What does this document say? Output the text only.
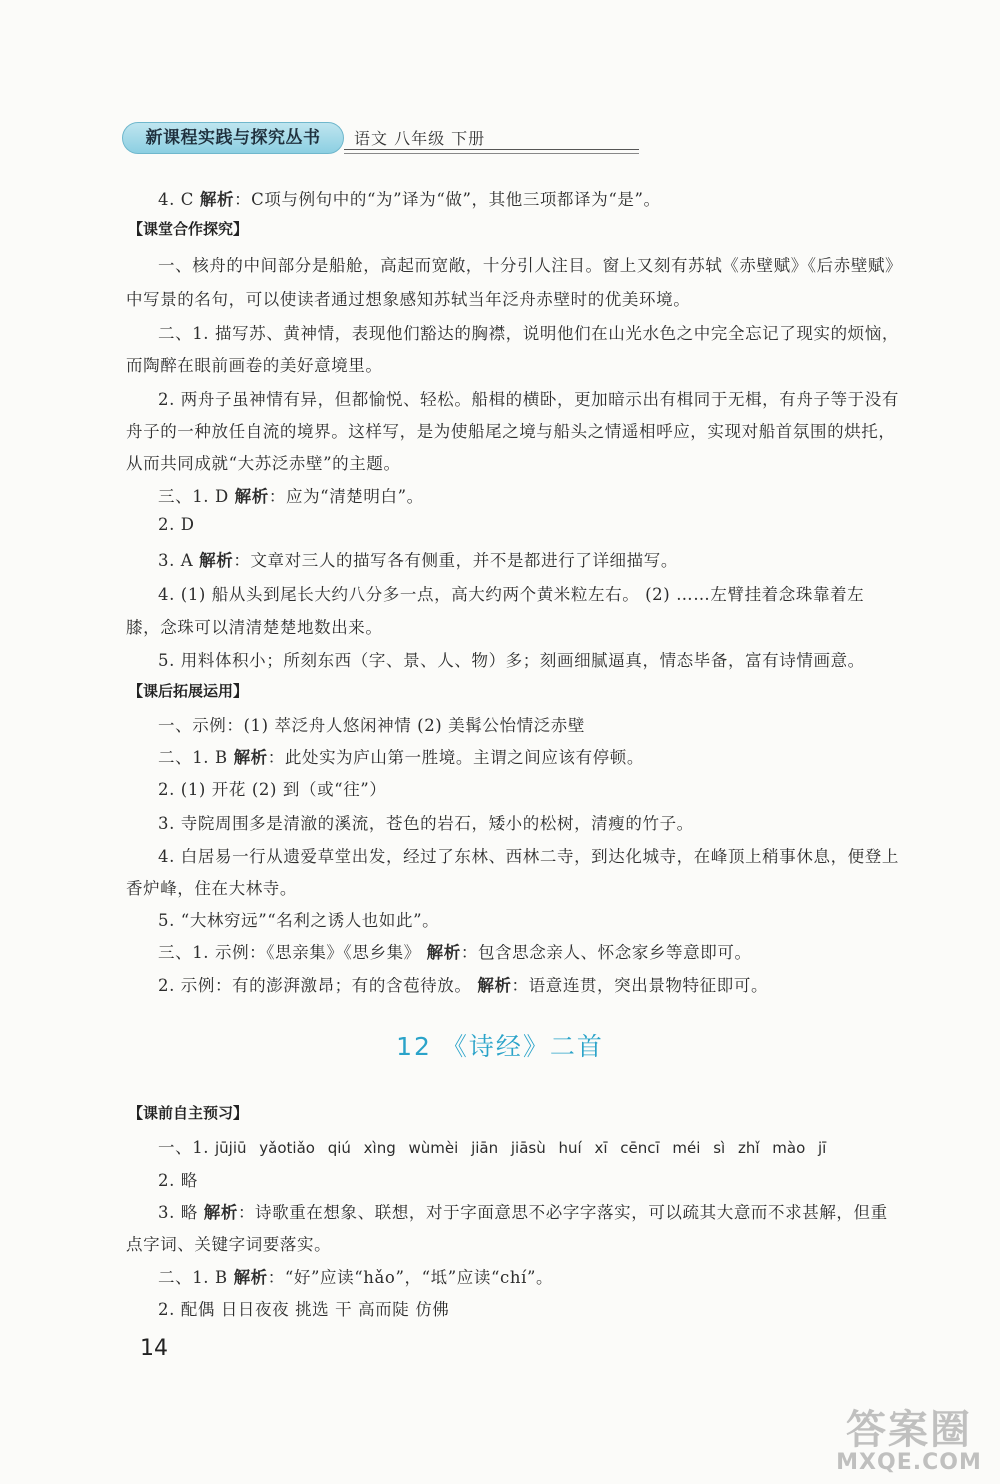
新课程实践与探究丛书	语文 八年级 下册
4. C 解析：C项与例句中的“为”译为“做”，其他三项都译为“是”。
【课堂合作探究】
一、核舟的中间部分是船舱，高起而宽敞，十分引人注目。窗上又刻有苏轼《赤壁赋》《后赤壁赋》
中写景的名句，可以使读者通过想象感知苏轼当年泛舟赤壁时的优美环境。
二、1. 描写苏、黄神情，表现他们豁达的胸襟，说明他们在山光水色之中完全忘记了现实的烦恼，
而陶醉在眼前画卷的美好意境里。
2. 两舟子虽神情有异，但都愉悦、轻松。船楫的横卧，更加暗示出有楫同于无楫，有舟子等于没有
舟子的一种放任自流的境界。这样写，是为使船尾之境与船头之情遥相呼应，实现对船首氛围的烘托，
从而共同成就“大苏泛赤壁”的主题。
三、1. D 解析：应为“清楚明白”。
2. D
3. A 解析：文章对三人的描写各有侧重，并不是都进行了详细描写。
4. (1) 船从头到尾长大约八分多一点，高大约两个黄米粒左右。 (2) ……左臂挂着念珠靠着左
膝，念珠可以清清楚楚地数出来。
5. 用料体积小；所刻东西（字、景、人、物）多；刻画细腻逼真，情态毕备，富有诗情画意。
【课后拓展运用】
一、示例：(1) 萃泛舟人悠闲神情 (2) 美髯公怡情泛赤壁
二、1. B 解析：此处实为庐山第一胜境。主谓之间应该有停顿。
2. (1) 开花 (2) 到（或“往”）
3. 寺院周围多是清澈的溪流，苍色的岩石，矮小的松树，清瘦的竹子。
4. 白居易一行从遗爱草堂出发，经过了东林、西林二寺，到达化城寺，在峰顶上稍事休息，便登上
香炉峰，住在大林寺。
5. “大林穷远”“名利之诱人也如此”。
三、1. 示例：《思亲集》《思乡集》 解析：包含思念亲人、怀念家乡等意即可。
2. 示例：有的澎湃激昂；有的含苞待放。 解析：语意连贯，突出景物特征即可。
12 《诗经》二首
【课前自主预习】
一、1. jūjiū yǎotiǎo qiú xìng wùmèi jiān jiāsù huí xī cēncī méi sì zhǐ mào jī
2. 略
3. 略 解析：诗歌重在想象、联想，对于字面意思不必字字落实，可以疏其大意而不求甚解，但重
点字词、关键字词要落实。
二、1. B 解析：“好”应读“hǎo”，“坻”应读“chí”。
2. 配偶 日日夜夜 挑选 干 高而陡 仿佛
14
答案圈
MXQE.COM
